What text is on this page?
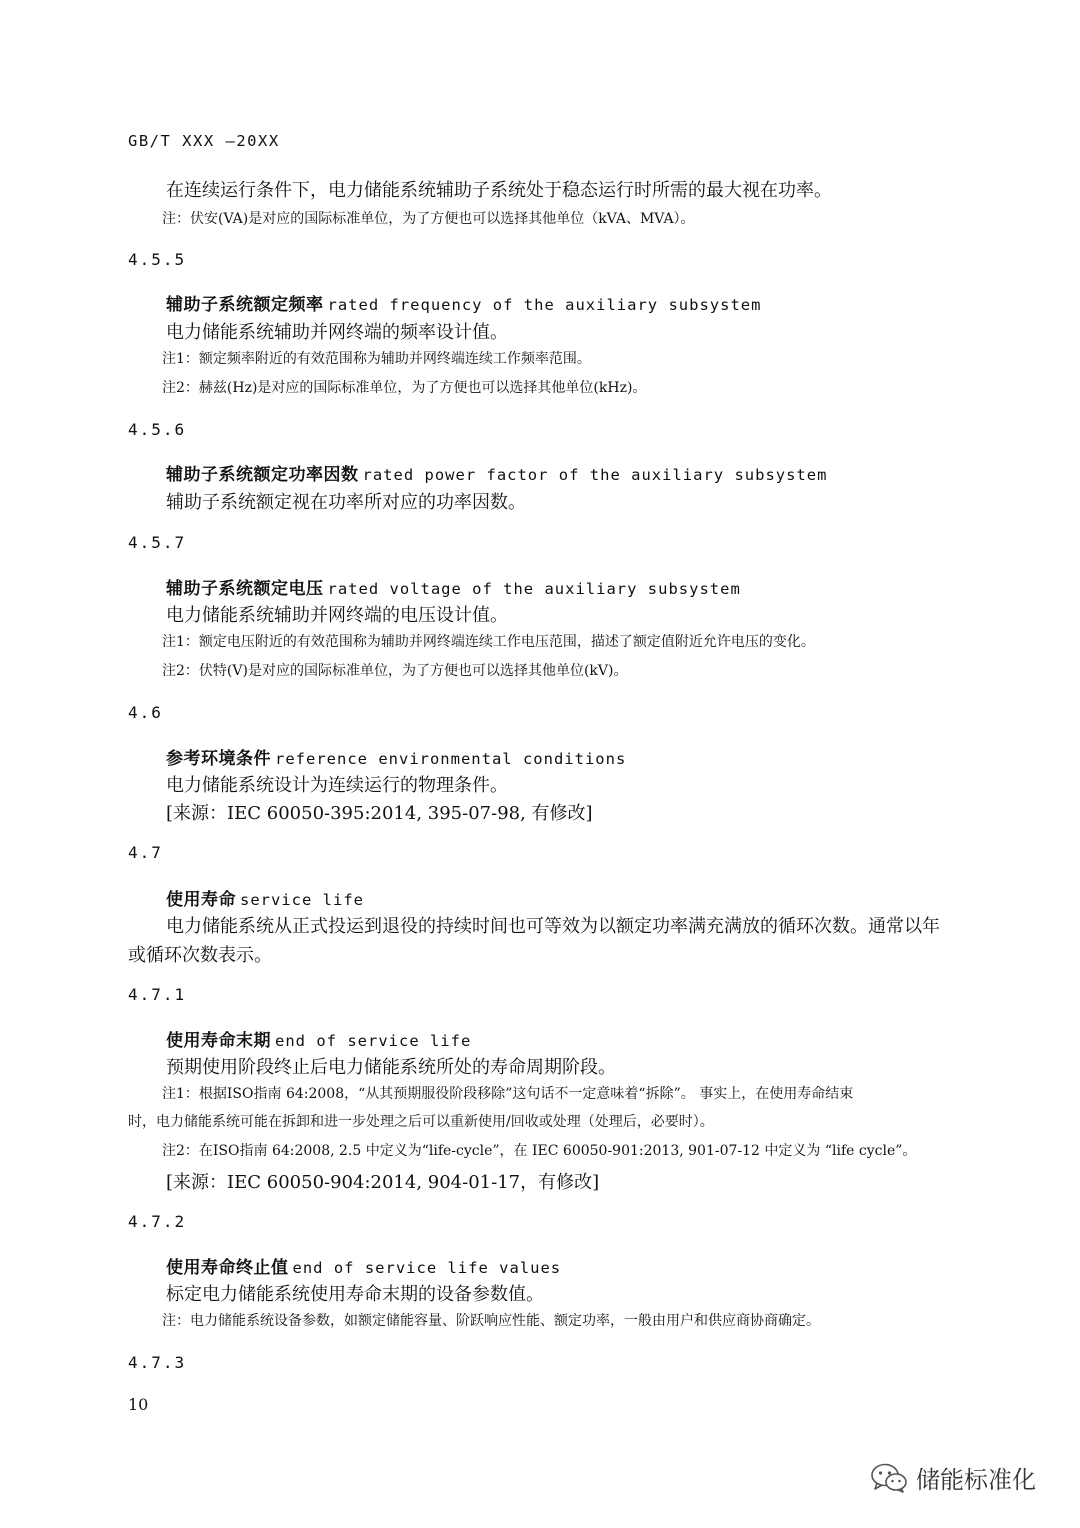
GB/T XXX —20XX
在连续运行条件下，电力储能系统辅助子系统处于稳态运行时所需的最大视在功率。
注：伏安(VA)是对应的国际标准单位，为了方便也可以选择其他单位（kVA、MVA）。
4.5.5
辅助子系统额定频率 rated frequency of the auxiliary subsystem
电力储能系统辅助并网终端的频率设计值。
注1：额定频率附近的有效范围称为辅助并网终端连续工作频率范围。
注2：赫兹(Hz)是对应的国际标准单位，为了方便也可以选择其他单位(kHz)。
4.5.6
辅助子系统额定功率因数 rated power factor of the auxiliary subsystem
辅助子系统额定视在功率所对应的功率因数。
4.5.7
辅助子系统额定电压 rated voltage of the auxiliary subsystem
电力储能系统辅助并网终端的电压设计值。
注1：额定电压附近的有效范围称为辅助并网终端连续工作电压范围，描述了额定值附近允许电压的变化。
注2：伏特(V)是对应的国际标准单位，为了方便也可以选择其他单位(kV)。
4.6
参考环境条件 reference environmental conditions
电力储能系统设计为连续运行的物理条件。
[来源：IEC 60050-395:2014, 395-07-98, 有修改]
4.7
使用寿命 service life
电力储能系统从正式投运到退役的持续时间也可等效为以额定功率满充满放的循环次数。通常以年
或循环次数表示。
4.7.1
使用寿命末期 end of service life
预期使用阶段终止后电力储能系统所处的寿命周期阶段。
注1：根据ISO指南 64:2008，“从其预期服役阶段移除”这句话不一定意味着“拆除”。 事实上，在使用寿命结束
时，电力储能系统可能在拆卸和进一步处理之后可以重新使用/回收或处理（处理后，必要时）。
注2：在ISO指南 64:2008, 2.5 中定义为“life-cycle”，在 IEC 60050-901:2013, 901-07-12 中定义为 “life cycle”。
[来源：IEC 60050-904:2014, 904-01-17，有修改]
4.7.2
使用寿命终止值 end of service life values
标定电力储能系统使用寿命末期的设备参数值。
注：电力储能系统设备参数，如额定储能容量、阶跃响应性能、额定功率，一般由用户和供应商协商确定。
4.7.3
10
储能标准化
